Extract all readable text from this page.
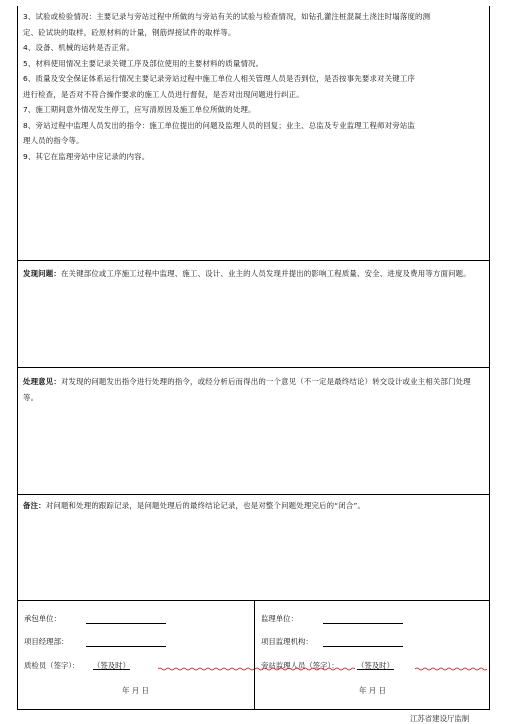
3、试验或检验情况：主要记录与旁站过程中所做的与旁站有关的试验与检查情况，如钻孔灌注桩混凝土浇注时塌落度的测
定、砼试块的取样，砼原材料的计量，钢筋焊接试件的取样等。
4、设备、机械的运转是否正常。
5、材料使用情况主要记录关键工序及部位使用的主要材料的质量情况。
6、质量及安全保证体系运行情况主要记录旁站过程中施工单位人相关管理人员是否到位，是否按事先要求对关键工序
进行检查，是否对不符合操作要求的施工人员进行督促，是否对出现问题进行纠正。
7、施工期间意外情况发生停工，应写清原因及施工单位所做的处理。
8、旁站过程中监理人员发出的指令：施工单位提出的问题及监理人员的回复；业主、总监及专业监理工程师对旁站监
理人员的指令等。
9、其它在监理旁站中应记录的内容。
发现问题：在关键部位或工序施工过程中监理、施工、设计、业主的人员发现并提出的影响工程质量、安全、进度及费用等方面问题。
处理意见：对发现的问题发出指令进行处理的指令，或经分析后而得出的一个意见（不一定是最终结论）转交设计或业主相关部门处理等。
备注：对问题和处理的跟踪记录，是问题处理后的最终结论记录，也是对整个问题处理完后的“闭合”。
承包单位：
项目经理部：
质检员（签字）： （签及时）
年 月 日
监理单位：
项目监理机构：
旁站监理人员（签字）： （签及时）
年 月 日
江苏省建设厅监制
